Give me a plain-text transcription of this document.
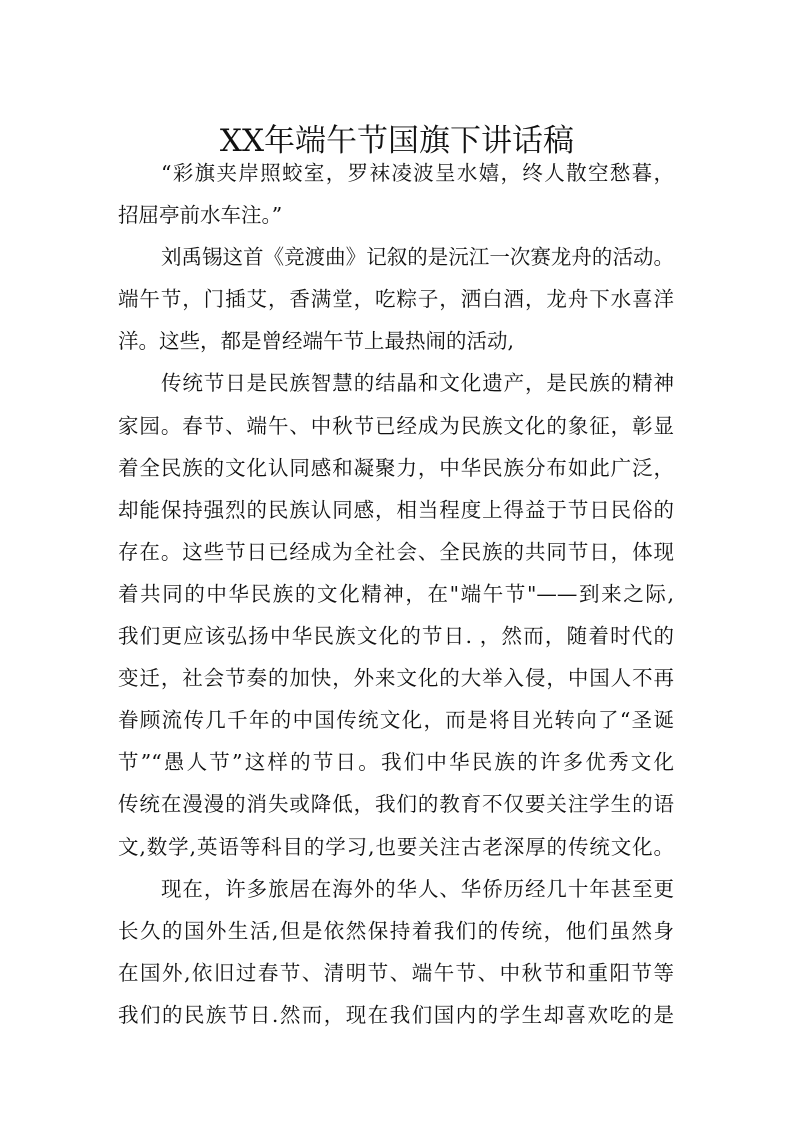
XX年端午节国旗下讲话稿
“彩旗夹岸照蛟室，罗袜凌波呈水嬉，终人散空愁暮，
招屈亭前水车注。”
刘禹锡这首《竞渡曲》记叙的是沅江一次赛龙舟的活动。
端午节，门插艾，香满堂，吃粽子，洒白酒，龙舟下水喜洋
洋。这些，都是曾经端午节上最热闹的活动,
传统节日是民族智慧的结晶和文化遗产，是民族的精神
家园。春节、端午、中秋节已经成为民族文化的象征，彰显
着全民族的文化认同感和凝聚力，中华民族分布如此广泛，
却能保持强烈的民族认同感，相当程度上得益于节日民俗的
存在。这些节日已经成为全社会、全民族的共同节日，体现
着共同的中华民族的文化精神，在"端午节"——到来之际,
我们更应该弘扬中华民族文化的节日. ，然而，随着时代的
变迁，社会节奏的加快，外来文化的大举入侵，中国人不再
眷顾流传几千年的中国传统文化，而是将目光转向了“圣诞
节”“愚人节”这样的节日。我们中华民族的许多优秀文化
传统在漫漫的消失或降低，我们的教育不仅要关注学生的语
文,数学,英语等科目的学习,也要关注古老深厚的传统文化。
现在，许多旅居在海外的华人、华侨历经几十年甚至更
长久的国外生活,但是依然保持着我们的传统，他们虽然身
在国外,依旧过春节、清明节、端午节、中秋节和重阳节等
我们的民族节日.然而，现在我们国内的学生却喜欢吃的是
